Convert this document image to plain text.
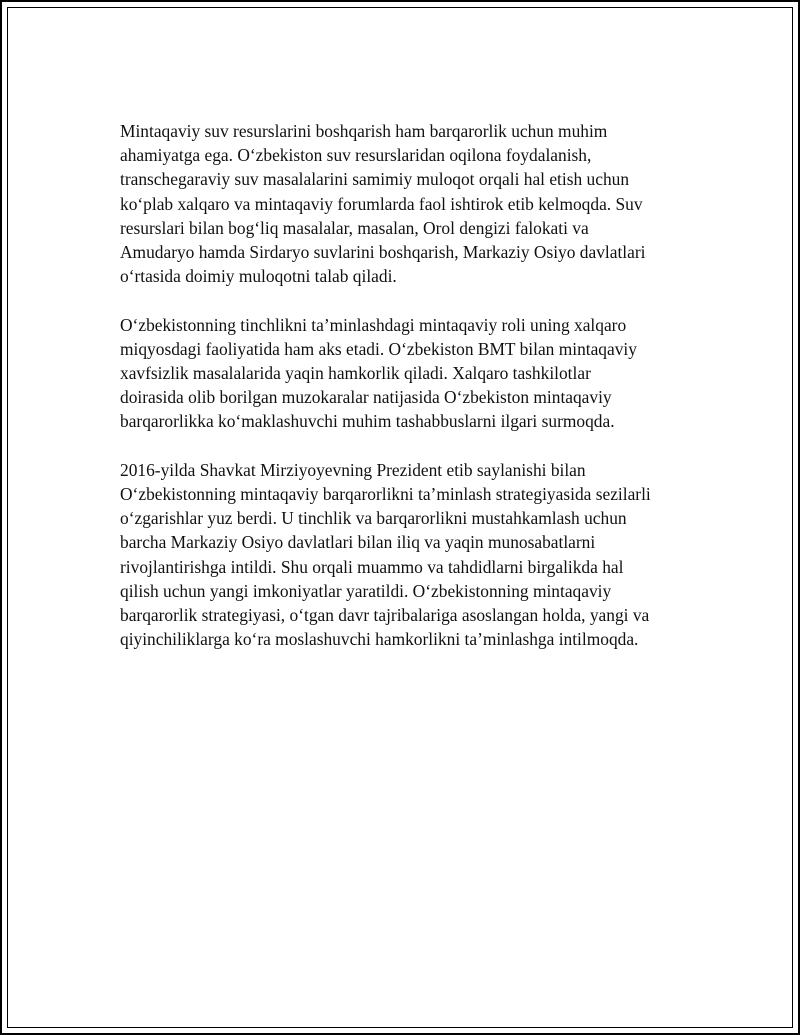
Mintaqaviy suv resurslarini boshqarish ham barqarorlik uchun muhim
ahamiyatga ega. O‘zbekiston suv resurslaridan oqilona foydalanish,
transchegaraviy suv masalalarini samimiy muloqot orqali hal etish uchun
ko‘plab xalqaro va mintaqaviy forumlarda faol ishtirok etib kelmoqda. Suv
resurslari bilan bog‘liq masalalar, masalan, Orol dengizi falokati va
Amudaryo hamda Sirdaryo suvlarini boshqarish, Markaziy Osiyo davlatlari
o‘rtasida doimiy muloqotni talab qiladi.

O‘zbekistonning tinchlikni ta’minlashdagi mintaqaviy roli uning xalqaro
miqyosdagi faoliyatida ham aks etadi. O‘zbekiston BMT bilan mintaqaviy
xavfsizlik masalalarida yaqin hamkorlik qiladi. Xalqaro tashkilotlar
doirasida olib borilgan muzokaralar natijasida O‘zbekiston mintaqaviy
barqarorlikka ko‘maklashuvchi muhim tashabbuslarni ilgari surmoqda.

2016-yilda Shavkat Mirziyoyevning Prezident etib saylanishi bilan
O‘zbekistonning mintaqaviy barqarorlikni ta’minlash strategiyasida sezilarli
o‘zgarishlar yuz berdi. U tinchlik va barqarorlikni mustahkamlash uchun
barcha Markaziy Osiyo davlatlari bilan iliq va yaqin munosabatlarni
rivojlantirishga intildi. Shu orqali muammo va tahdidlarni birgalikda hal
qilish uchun yangi imkoniyatlar yaratildi. O‘zbekistonning mintaqaviy
barqarorlik strategiyasi, o‘tgan davr tajribalariga asoslangan holda, yangi va
qiyinchiliklarga ko‘ra moslashuvchi hamkorlikni ta’minlashga intilmoqda.
